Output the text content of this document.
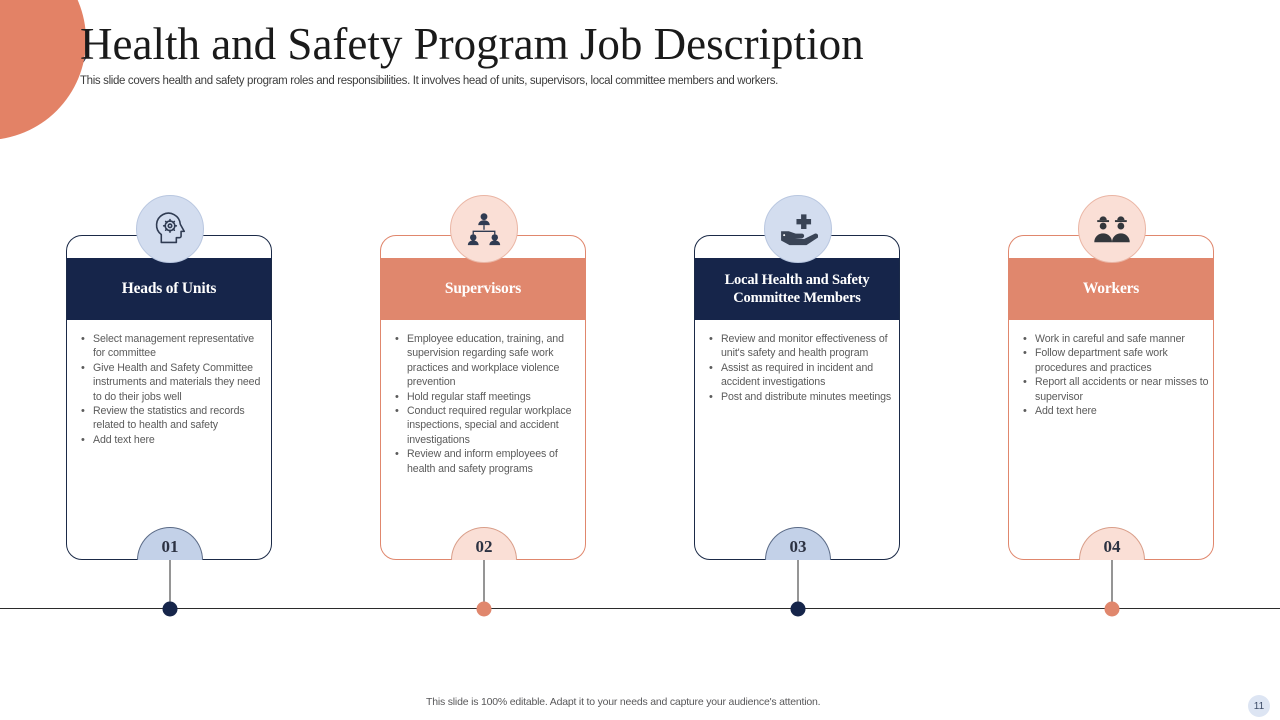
Health and Safety Program Job Description
This slide covers health and safety program roles and responsibilities. It involves head of units, supervisors, local committee members and workers.
Heads of Units
• Select management representative for committee
• Give Health and Safety Committee instruments and materials they need to do their jobs well
• Review the statistics and records related to health and safety
• Add text here
01
Supervisors
• Employee education, training, and supervision regarding safe work practices and workplace violence prevention
• Hold regular staff meetings
• Conduct required regular workplace inspections, special and accident investigations
• Review and inform employees of health and safety programs
02
Local Health and Safety Committee Members
• Review and monitor effectiveness of unit's safety and health program
• Assist as required in incident and accident investigations
• Post and distribute minutes meetings
03
Workers
• Work in careful and safe manner
• Follow department safe work procedures and practices
• Report all accidents or near misses to supervisor
• Add text here
04
This slide is 100% editable. Adapt it to your needs and capture your audience's attention.	11
